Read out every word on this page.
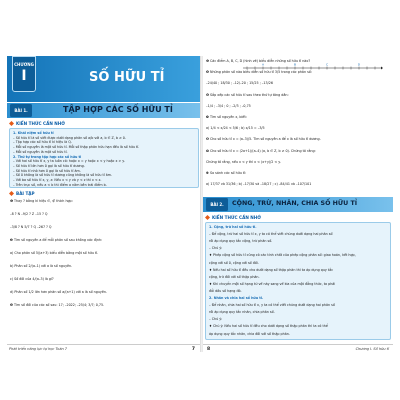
CHƯƠNG
I	SỐ HỮU TỈ
BÀI 1.	TẬP HỢP CÁC SỐ HỮU TỈ
KIẾN THỨC CẦN NHỚ
1. Khái niệm số hữu tỉ
– Số hữu tỉ là số viết được dưới dạng phân số a/b với a, b ∈ Z, b ≠ 0.
– Tập hợp các số hữu tỉ kí hiệu là Q.
– Mỗi số nguyên là một số hữu tỉ. Mỗi số thập phân hữu hạn đều là số hữu tỉ.
– Mỗi số nguyên là một số hữu tỉ.
2. Thứ tự trong tập hợp các số hữu tỉ
– Với hai số hữu tỉ x, y ta luôn có: hoặc x = y hoặc x < y hoặc x > y.
– Số hữu tỉ lớn hơn 0 gọi là số hữu tỉ dương.
– Số hữu tỉ nhỏ hơn 0 gọi là số hữu tỉ âm.
– Số 0 không là số hữu tỉ dương cũng không là số hữu tỉ âm.
– Với ba số hữu tỉ x, y, z: Nếu x < y và y < z thì x < z.
– Trên trục số, nếu a < b thì điểm a nằm bên trái điểm b.
BÀI TẬP
❶ Thay ? bằng kí hiệu ∈, ∉ thích hợp:
–8 ? N –9/2 ? Z –15 ? Q
–3/8 ? N 5/7 ? Q –267 ? Q
❷ Tìm số nguyên a để mỗi phân số sau không xác định:
a) Cho phân số 5/(a+3) biểu diễn bằng một số hữu tỉ.
b) Phân số 2/(a–1) với a là số nguyên.
c) Số đối của 4/(a–3) là gì?
d) Phân số 1/2 lớn hơn phân số a/(a+1) với a là số nguyên.
❸ Tìm số đối của các số sau: 17; –2022; –25/4; 3/7; 0,75.
Phát triển năng lực tự học Toán 7	7
❹ Các điểm A, B, C, D (hình vẽ) biểu diễn những số hữu tỉ nào?
❺ Những phân số nào biểu diễn số hữu tỉ 3/5 trong các phân số:
–24/40 ; 18/30 ; –12/–20 ; 15/25 ; –13/26
❻ Sắp xếp các số hữu tỉ sau theo thứ tự tăng dần:
–1/4 ; –3/4 ; 0 ; –2/3 ; –0,75
❼ Tìm số nguyên x, biết:
a) 1/4 < x/24 < 5/6 ; b) x/15 = –3/5
❽ Cho số hữu tỉ x = (a–3)/5. Tìm số nguyên a để x là số hữu tỉ dương.
❾ Cho số hữu tỉ x = (2a+1)/(a–4) (a, b ∈ Z, b ≠ 0). Chứng tỏ rằng:
Chứng tỏ rằng, nếu x < y thì x < (x+y)/2 < y.
❿ So sánh các số hữu tỉ:
a) 17/37 và 31/36 ; b) –17/30 và –18/27 ; c) –84/41 và –107/101
A	B	C	D
BÀI 2.	CỘNG, TRỪ, NHÂN, CHIA SỐ HỮU TỈ
KIẾN THỨC CẦN NHỚ
1. Cộng, trừ hai số hữu tỉ.
– Để cộng, trừ hai số hữu tỉ x, y ta có thể viết chúng dưới dạng hai phân số
rồi áp dụng quy tắc cộng, trừ phân số.
– Chú ý:
♦ Phép cộng số hữu tỉ cũng có các tính chất của phép cộng phân số: giao hoán, kết hợp,
cộng với số 0, cộng với số đối.
♦ Nếu hai số hữu tỉ đều cho dưới dạng số thập phân thì ta áp dụng quy tắc
cộng, trừ đối với số thập phân.
♦ Khi chuyển một số hạng từ vế này sang vế kia của một đẳng thức, ta phải
đổi dấu số hạng đó.
2. Nhân và chia hai số hữu tỉ.
– Để nhân, chia hai số hữu tỉ x, y ta có thể viết chúng dưới dạng hai phân số
rồi áp dụng quy tắc nhân, chia phân số.
– Chú ý:
♦ Chú ý: Nếu hai số hữu tỉ đều cho dưới dạng số thập phân thì ta có thể
áp dụng quy tắc nhân, chia đối với số thập phân.
8	Chương I. Số hữu tỉ
